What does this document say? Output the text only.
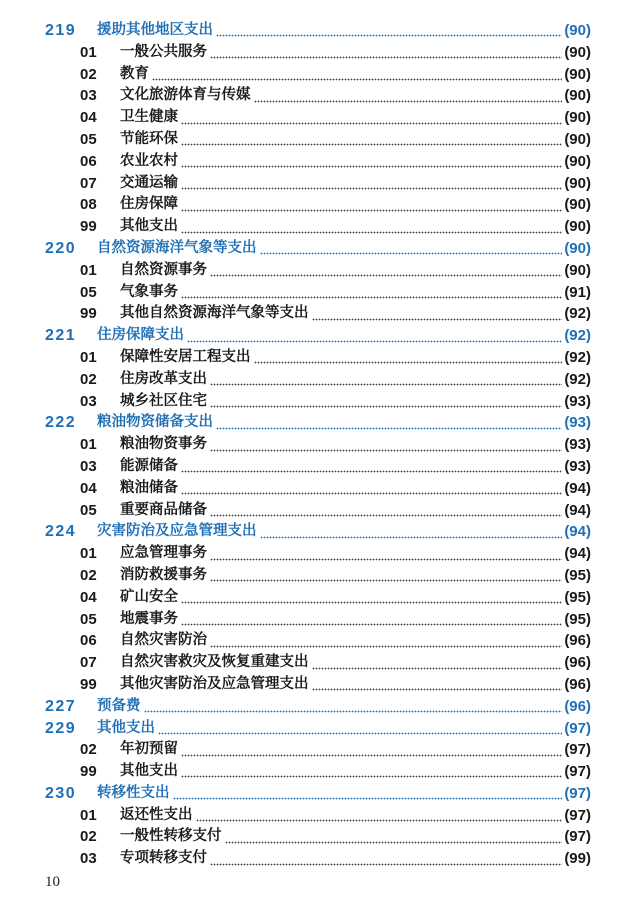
219	援助其他地区支出	(90)
01	一般公共服务	(90)
02	教育	(90)
03	文化旅游体育与传媒	(90)
04	卫生健康	(90)
05	节能环保	(90)
06	农业农村	(90)
07	交通运输	(90)
08	住房保障	(90)
99	其他支出	(90)
220	自然资源海洋气象等支出	(90)
01	自然资源事务	(90)
05	气象事务	(91)
99	其他自然资源海洋气象等支出	(92)
221	住房保障支出	(92)
01	保障性安居工程支出	(92)
02	住房改革支出	(92)
03	城乡社区住宅	(93)
222	粮油物资储备支出	(93)
01	粮油物资事务	(93)
03	能源储备	(93)
04	粮油储备	(94)
05	重要商品储备	(94)
224	灾害防治及应急管理支出	(94)
01	应急管理事务	(94)
02	消防救援事务	(95)
04	矿山安全	(95)
05	地震事务	(95)
06	自然灾害防治	(96)
07	自然灾害救灾及恢复重建支出	(96)
99	其他灾害防治及应急管理支出	(96)
227	预备费	(96)
229	其他支出	(97)
02	年初预留	(97)
99	其他支出	(97)
230	转移性支出	(97)
01	返还性支出	(97)
02	一般性转移支付	(97)
03	专项转移支付	(99)
10
